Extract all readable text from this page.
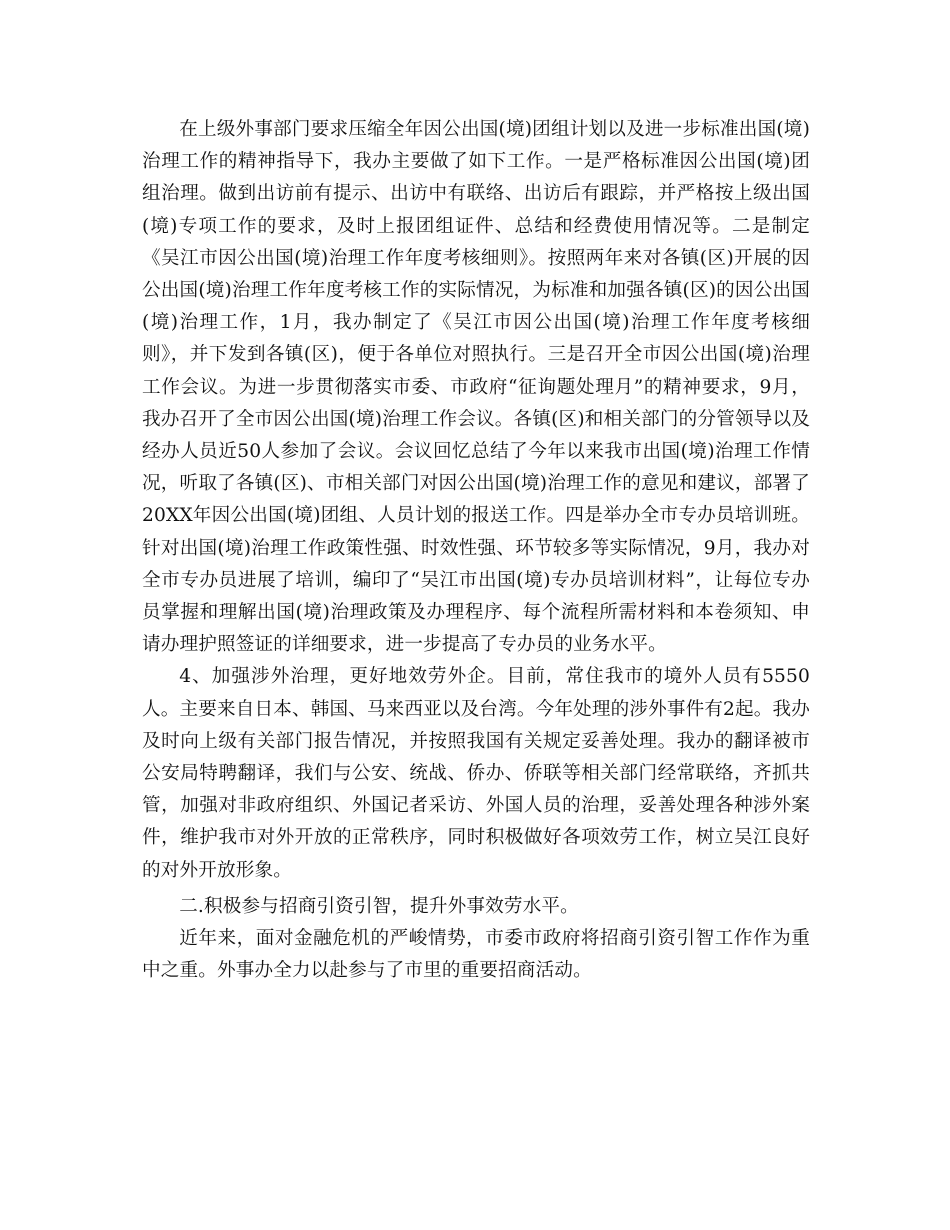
在上级外事部门要求压缩全年因公出国(境)团组计划以及进一步标准出国(境)治理工作的精神指导下，我办主要做了如下工作。一是严格标准因公出国(境)团组治理。做到出访前有提示、出访中有联络、出访后有跟踪，并严格按上级出国(境)专项工作的要求，及时上报团组证件、总结和经费使用情况等。二是制定《吴江市因公出国(境)治理工作年度考核细则》。按照两年来对各镇(区)开展的因公出国(境)治理工作年度考核工作的实际情况，为标准和加强各镇(区)的因公出国(境)治理工作，1月，我办制定了《吴江市因公出国(境)治理工作年度考核细则》，并下发到各镇(区)，便于各单位对照执行。三是召开全市因公出国(境)治理工作会议。为进一步贯彻落实市委、市政府“征询题处理月”的精神要求，9月，我办召开了全市因公出国(境)治理工作会议。各镇(区)和相关部门的分管领导以及经办人员近50人参加了会议。会议回忆总结了今年以来我市出国(境)治理工作情况，听取了各镇(区)、市相关部门对因公出国(境)治理工作的意见和建议，部署了20XX年因公出国(境)团组、人员计划的报送工作。四是举办全市专办员培训班。针对出国(境)治理工作政策性强、时效性强、环节较多等实际情况，9月，我办对全市专办员进展了培训，编印了“吴江市出国(境)专办员培训材料”，让每位专办员掌握和理解出国(境)治理政策及办理程序、每个流程所需材料和本卷须知、申请办理护照签证的详细要求，进一步提高了专办员的业务水平。

4、加强涉外治理，更好地效劳外企。目前，常住我市的境外人员有5550人。主要来自日本、韩国、马来西亚以及台湾。今年处理的涉外事件有2起。我办及时向上级有关部门报告情况，并按照我国有关规定妥善处理。我办的翻译被市公安局特聘翻译，我们与公安、统战、侨办、侨联等相关部门经常联络，齐抓共管，加强对非政府组织、外国记者采访、外国人员的治理，妥善处理各种涉外案件，维护我市对外开放的正常秩序，同时积极做好各项效劳工作，树立吴江良好的对外开放形象。

二.积极参与招商引资引智，提升外事效劳水平。

近年来，面对金融危机的严峻情势，市委市政府将招商引资引智工作作为重中之重。外事办全力以赴参与了市里的重要招商活动。
